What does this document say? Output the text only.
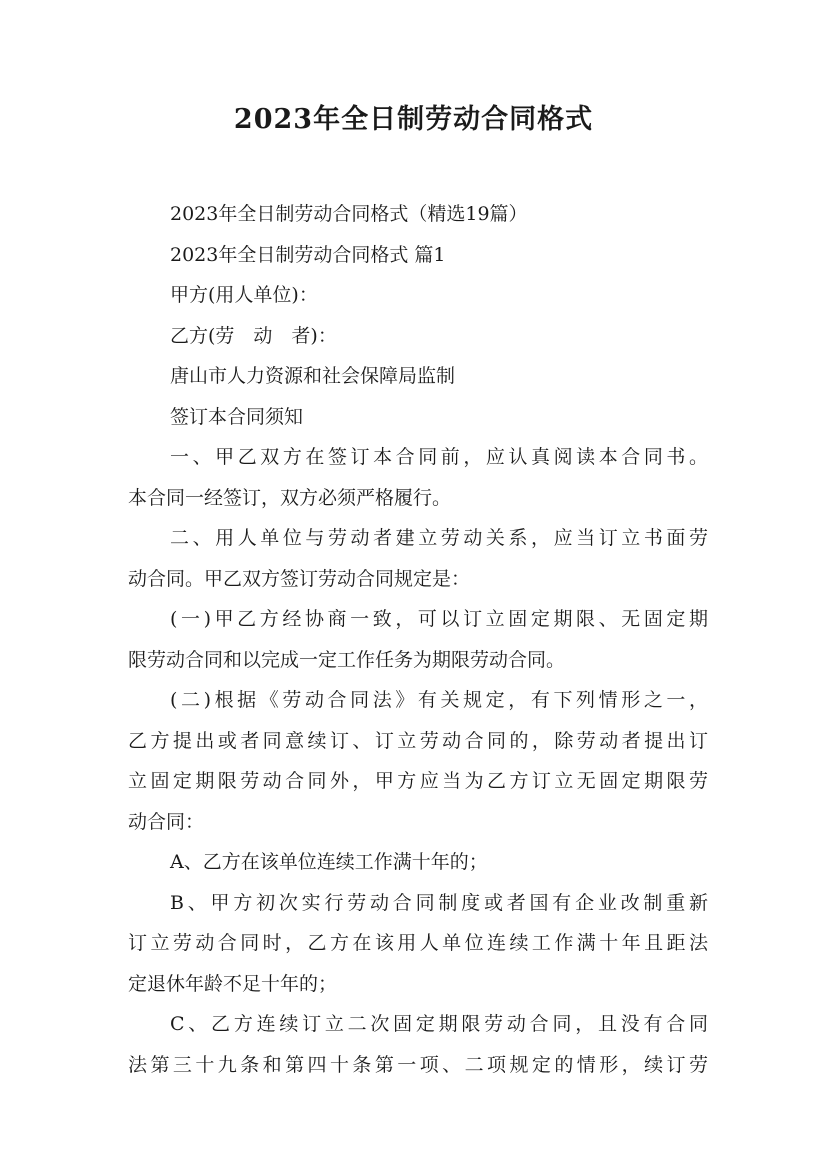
2023年全日制劳动合同格式
2023年全日制劳动合同格式（精选19篇）
2023年全日制劳动合同格式 篇1
甲方(用人单位)：
乙方(劳　动　者)：
唐山市人力资源和社会保障局监制
签订本合同须知
一、甲乙双方在签订本合同前，应认真阅读本合同书。
本合同一经签订，双方必须严格履行。
二、用人单位与劳动者建立劳动关系，应当订立书面劳
动合同。甲乙双方签订劳动合同规定是：
(一)甲乙方经协商一致，可以订立固定期限、无固定期
限劳动合同和以完成一定工作任务为期限劳动合同。
(二)根据《劳动合同法》有关规定，有下列情形之一，
乙方提出或者同意续订、订立劳动合同的，除劳动者提出订
立固定期限劳动合同外，甲方应当为乙方订立无固定期限劳
动合同：
A、乙方在该单位连续工作满十年的；
B、甲方初次实行劳动合同制度或者国有企业改制重新
订立劳动合同时，乙方在该用人单位连续工作满十年且距法
定退休年龄不足十年的；
C、乙方连续订立二次固定期限劳动合同，且没有合同
法第三十九条和第四十条第一项、二项规定的情形，续订劳
